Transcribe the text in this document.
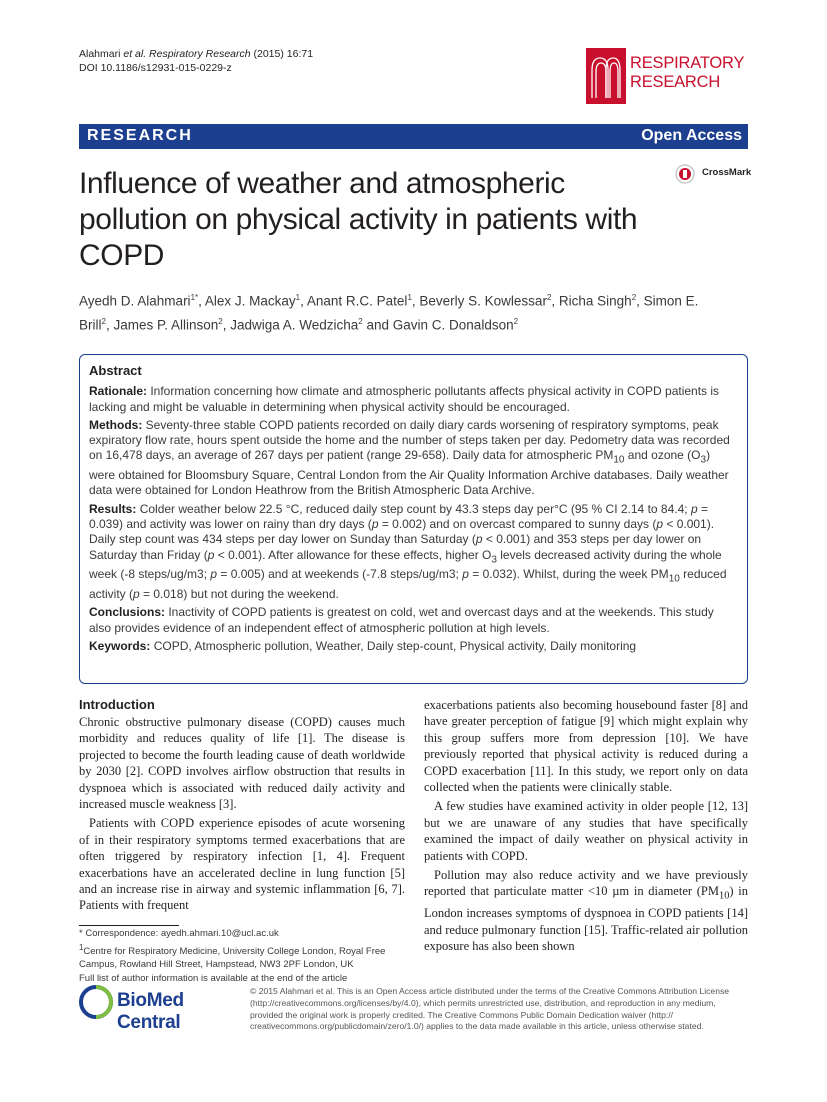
Alahmari et al. Respiratory Research (2015) 16:71
DOI 10.1186/s12931-015-0229-z	RESPIRATORY
RESEARCH
RESEARCH	Open Access
Influence of weather and atmospheric pollution on physical activity in patients with COPD
CrossMark
Ayedh D. Alahmari$^{1*}$, Alex J. Mackay$^1$, Anant R.C. Patel$^1$, Beverly S. Kowlessar$^2$, Richa Singh$^2$, Simon E. Brill$^2$, James P. Allinson$^2$, Jadwiga A. Wedzicha$^2$ and Gavin C. Donaldson$^2$
Abstract

Rationale: Information concerning how climate and atmospheric pollutants affects physical activity in COPD patients is lacking and might be valuable in determining when physical activity should be encouraged.

Methods: Seventy-three stable COPD patients recorded on daily diary cards worsening of respiratory symptoms, peak expiratory flow rate, hours spent outside the home and the number of steps taken per day. Pedometry data was recorded on 16,478 days, an average of 267 days per patient (range 29-658). Daily data for atmospheric $PM_{10}$ and ozone $(O_3)$ were obtained for Bloomsbury Square, Central London from the Air Quality Information Archive databases. Daily weather data were obtained for London Heathrow from the British Atmospheric Data Archive.

Results: Colder weather below 22.5 °C, reduced daily step count by 43.3 steps day per°C (95 % CI 2.14 to 84.4; p = 0.039) and activity was lower on rainy than dry days (p = 0.002) and on overcast compared to sunny days (p < 0.001). Daily step count was 434 steps per day lower on Sunday than Saturday (p < 0.001) and 353 steps per day lower on Saturday than Friday (p < 0.001). After allowance for these effects, higher $O_3$ levels decreased activity during the whole week (-8 steps/ug/m3; p = 0.005) and at weekends (-7.8 steps/ug/m3; p = 0.032). Whilst, during the week $PM_{10}$ reduced activity (p = 0.018) but not during the weekend.

Conclusions: Inactivity of COPD patients is greatest on cold, wet and overcast days and at the weekends. This study also provides evidence of an independent effect of atmospheric pollution at high levels.

Keywords: COPD, Atmospheric pollution, Weather, Daily step-count, Physical activity, Daily monitoring

Introduction

Chronic obstructive pulmonary disease (COPD) causes much morbidity and reduces quality of life [1]. The disease is projected to become the fourth leading cause of death worldwide by 2030 [2]. COPD involves airflow obstruction that results in dyspnoea which is associated with reduced daily activity and increased muscle weakness [3].

Patients with COPD experience episodes of acute worsening of in their respiratory symptoms termed exacerbations that are often triggered by respiratory infection [1, 4]. Frequent exacerbations have an accelerated decline in lung function [5] and an increase rise in airway and systemic inflammation [6, 7]. Patients with frequent

exacerbations patients also becoming housebound faster [8] and have greater perception of fatigue [9] which might explain why this group suffers more from depression [10]. We have previously reported that physical activity is reduced during a COPD exacerbation [11]. In this study, we report only on data collected when the patients were clinically stable.

A few studies have examined activity in older people [12, 13] but we are unaware of any studies that have specifically examined the impact of daily weather on physical activity in patients with COPD.

Pollution may also reduce activity and we have previously reported that particulate matter <10 µm in diameter $(PM_{10})$ in London increases symptoms of dyspnoea in COPD patients [14] and reduce pulmonary function [15]. Traffic-related air pollution exposure has also been shown

* Correspondence: ayedh.ahmari.10@ucl.ac.uk
$^1$Centre for Respiratory Medicine, University College London, Royal Free Campus, Rowland Hill Street, Hampstead, NW3 2PF London, UK
Full list of author information is available at the end of the article
BioMed Central
© 2015 Alahmari et al. This is an Open Access article distributed under the terms of the Creative Commons Attribution License (http://creativecommons.org/licenses/by/4.0), which permits unrestricted use, distribution, and reproduction in any medium, provided the original work is properly credited. The Creative Commons Public Domain Dedication waiver (http:// creativecommons.org/publicdomain/zero/1.0/) applies to the data made available in this article, unless otherwise stated.
